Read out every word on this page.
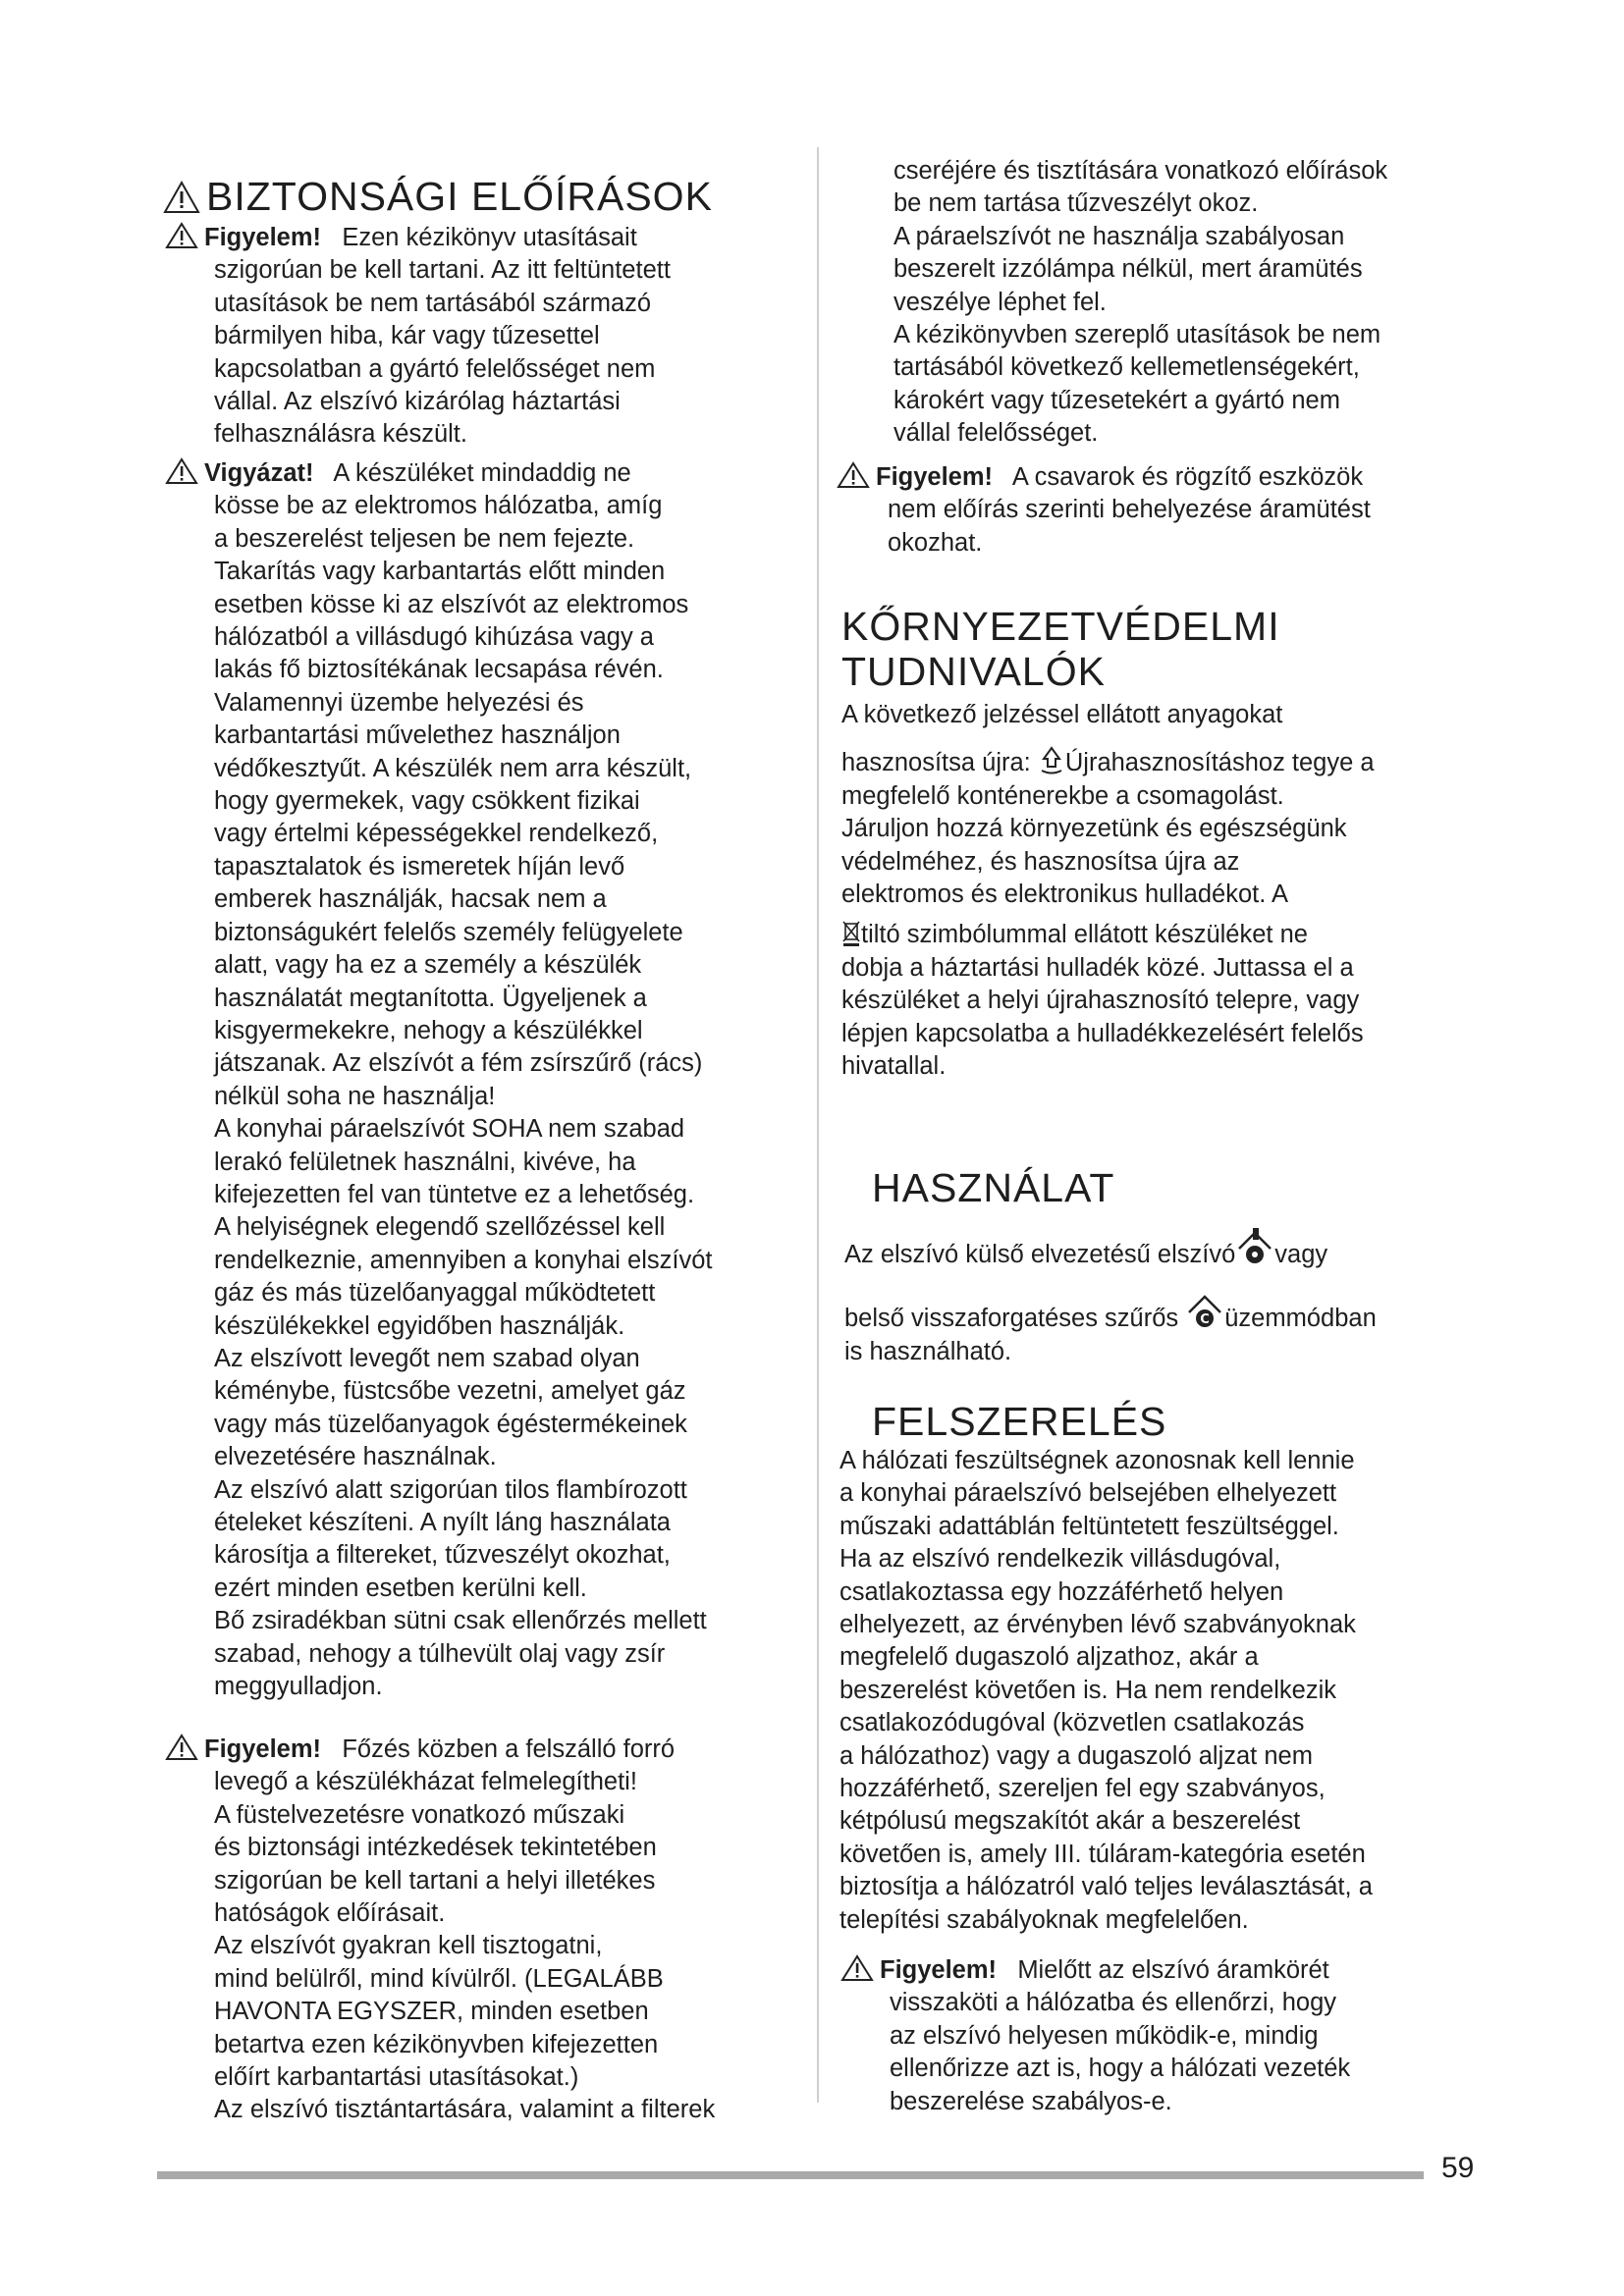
BIZTONSÁGI ELŐÍRÁSOK
Figyelem! Ezen kézikönyv utasításait
szigorúan be kell tartani. Az itt feltüntetett
utasítások be nem tartásából származó
bármilyen hiba, kár vagy tűzesettel
kapcsolatban a gyártó felelősséget nem
vállal. Az elszívó kizárólag háztartási
felhasználásra készült.
Vigyázat! A készüléket mindaddig ne
kösse be az elektromos hálózatba, amíg
a beszerelést teljesen be nem fejezte.
Takarítás vagy karbantartás előtt minden
esetben kösse ki az elszívót az elektromos
hálózatból a villásdugó kihúzása vagy a
lakás fő biztosítékának lecsapása révén.
Valamennyi üzembe helyezési és
karbantartási művelethez használjon
védőkesztyűt. A készülék nem arra készült,
hogy gyermekek, vagy csökkent fizikai
vagy értelmi képességekkel rendelkező,
tapasztalatok és ismeretek híján levő
emberek használják, hacsak nem a
biztonságukért felelős személy felügyelete
alatt, vagy ha ez a személy a készülék
használatát megtanította. Ügyeljenek a
kisgyermekekre, nehogy a készülékkel
játszanak. Az elszívót a fém zsírszűrő (rács)
nélkül soha ne használja!
A konyhai páraelszívót SOHA nem szabad
lerakó felületnek használni, kivéve, ha
kifejezetten fel van tüntetve ez a lehetőség.
A helyiségnek elegendő szellőzéssel kell
rendelkeznie, amennyiben a konyhai elszívót
gáz és más tüzelőanyaggal működtetett
készülékekkel egyidőben használják.
Az elszívott levegőt nem szabad olyan
kéménybe, füstcsőbe vezetni, amelyet gáz
vagy más tüzelőanyagok égéstermékeinek
elvezetésére használnak.
Az elszívó alatt szigorúan tilos flambírozott
ételeket készíteni. A nyílt láng használata
károsítja a filtereket, tűzveszélyt okozhat,
ezért minden esetben kerülni kell.
Bő zsiradékban sütni csak ellenőrzés mellett
szabad, nehogy a túlhevült olaj vagy zsír
meggyulladjon.
Figyelem! Főzés közben a felszálló forró
levegő a készülékházat felmelegítheti!
A füstelvezetésre vonatkozó műszaki
és biztonsági intézkedések tekintetében
szigorúan be kell tartani a helyi illetékes
hatóságok előírásait.
Az elszívót gyakran kell tisztogatni,
mind belülről, mind kívülről. (LEGALÁBB
HAVONTA EGYSZER, minden esetben
betartva ezen kézikönyvben kifejezetten
előírt karbantartási utasításokat.)
Az elszívó tisztántartására, valamint a filterek
cseréjére és tisztítására vonatkozó előírások
be nem tartása tűzveszélyt okoz.
A páraelszívót ne használja szabályosan
beszerelt izzólámpa nélkül, mert áramütés
veszélye léphet fel.
A kézikönyvben szereplő utasítások be nem
tartásából következő kellemetlenségekért,
károkért vagy tűzesetekért a gyártó nem
vállal felelősséget.
Figyelem! A csavarok és rögzítő eszközök
nem előírás szerinti behelyezése áramütést
okozhat.
KŐRNYEZETVÉDELMI
TUDNIVALÓK
A következő jelzéssel ellátott anyagokat
hasznosítsa újra: Újrahasznosításhoz tegye a
megfelelő konténerekbe a csomagolást.
Járuljon hozzá környezetünk és egészségünk
védelméhez, és hasznosítsa újra az
elektromos és elektronikus hulladékot. A
tiltó szimbólummal ellátott készüléket ne
dobja a háztartási hulladék közé. Juttassa el a
készüléket a helyi újrahasznosító telepre, vagy
lépjen kapcsolatba a hulladékkezelésért felelős
hivatallal.
HASZNÁLAT
Az elszívó külső elvezetésű elszívó vagy
belső visszaforgatéses szűrős C üzemmódban
is használható.
FELSZERELÉS
A hálózati feszültségnek azonosnak kell lennie
a konyhai páraelszívó belsejében elhelyezett
műszaki adattáblán feltüntetett feszültséggel.
Ha az elszívó rendelkezik villásdugóval,
csatlakoztassa egy hozzáférhető helyen
elhelyezett, az érvényben lévő szabványoknak
megfelelő dugaszoló aljzathoz, akár a
beszerelést követően is. Ha nem rendelkezik
csatlakozódugóval (közvetlen csatlakozás
a hálózathoz) vagy a dugaszoló aljzat nem
hozzáférhető, szereljen fel egy szabványos,
kétpólusú megszakítót akár a beszerelést
követően is, amely III. túláram-kategória esetén
biztosítja a hálózatról való teljes leválasztását, a
telepítési szabályoknak megfelelően.
Figyelem! Mielőtt az elszívó áramkörét
visszaköti a hálózatba és ellenőrzi, hogy
az elszívó helyesen működik-e, mindig
ellenőrizze azt is, hogy a hálózati vezeték
beszerelése szabályos-e.
59
